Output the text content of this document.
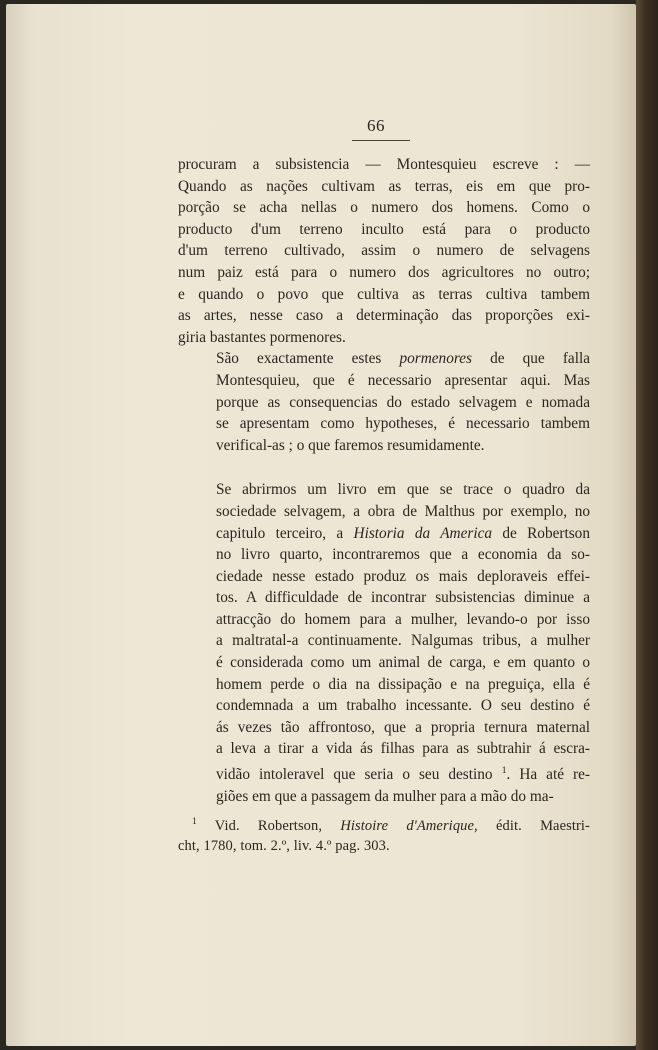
66

procuram a subsistencia — Montesquieu escreve : —
Quando as nações cultivam as terras, eis em que pro-
porção se acha nellas o numero dos homens. Como o
producto d'um terreno inculto está para o producto
d'um terreno cultivado, assim o numero de selvagens
num paiz está para o numero dos agricultores no outro;
e quando o povo que cultiva as terras cultiva tambem
as artes, nesse caso a determinação das proporções exi-
giria bastantes pormenores.

São exactamente estes pormenores de que falla
Montesquieu, que é necessario apresentar aqui. Mas
porque as consequencias do estado selvagem e nomada
se apresentam como hypotheses, é necessario tambem
verifical-as ; o que faremos resumidamente.

Se abrirmos um livro em que se trace o quadro da
sociedade selvagem, a obra de Malthus por exemplo, no
capitulo terceiro, a Historia da America de Robertson
no livro quarto, incontraremos que a economia da so-
ciedade nesse estado produz os mais deploraveis effei-
tos. A difficuldade de incontrar subsistencias diminue a
attracção do homem para a mulher, levando-o por isso
a maltratal-a continuamente. Nalgumas tribus, a mulher
é considerada como um animal de carga, e em quanto o
homem perde o dia na dissipação e na preguiça, ella é
condemnada a um trabalho incessante. O seu destino é
ás vezes tão affrontoso, que a propria ternura maternal
a leva a tirar a vida ás filhas para as subtrahir á escra-
vidão intoleravel que seria o seu destino $^1$. Ha até re-
giões em que a passagem da mulher para a mão do ma-

$^1$ Vid. Robertson, Histoire d'Amerique, édit. Maestri-
cht, 1780, tom. 2.º, liv. 4.º pag. 303.
